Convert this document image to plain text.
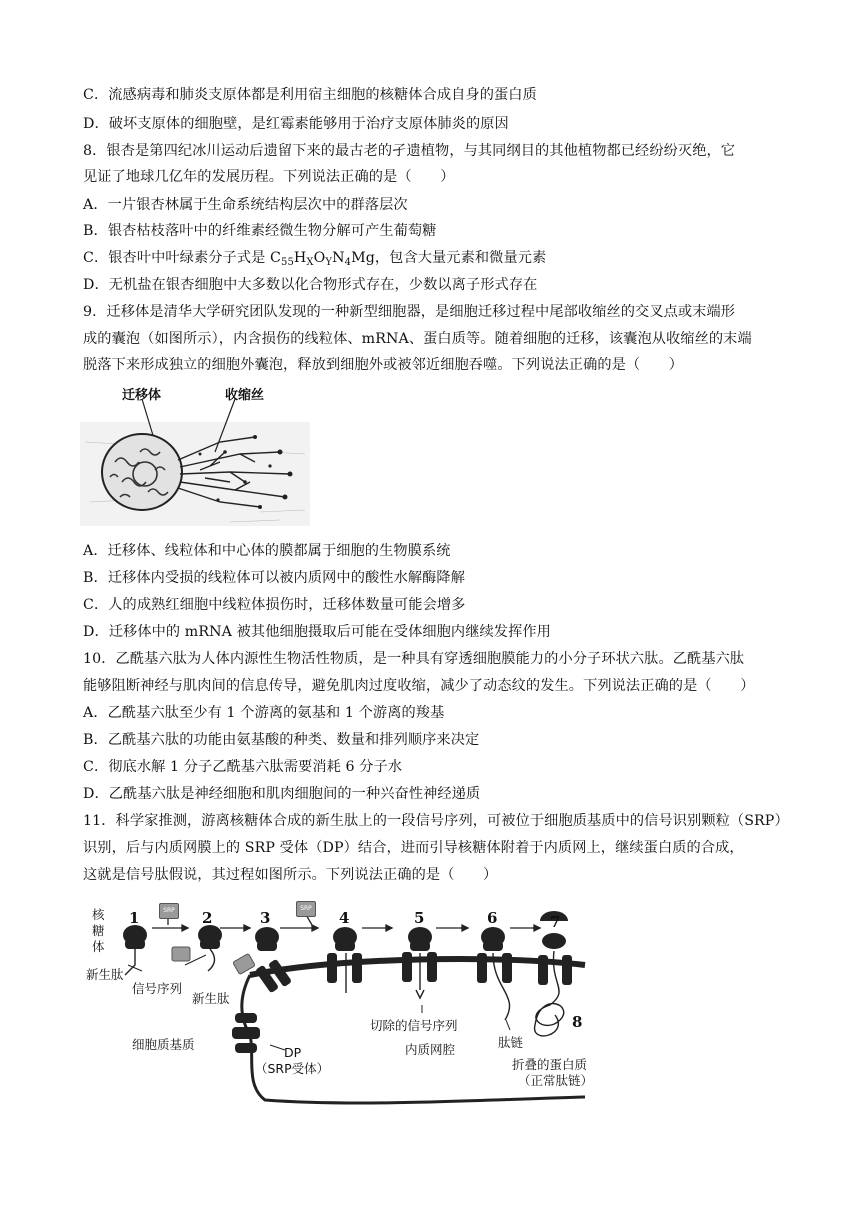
C．流感病毒和肺炎支原体都是利用宿主细胞的核糖体合成自身的蛋白质
D．破坏支原体的细胞壁，是红霉素能够用于治疗支原体肺炎的原因
8．银杏是第四纪冰川运动后遗留下来的最古老的孑遗植物，与其同纲目的其他植物都已经纷纷灭绝，它
见证了地球几亿年的发展历程。下列说法正确的是（　　）
A．一片银杏林属于生命系统结构层次中的群落层次
B．银杏枯枝落叶中的纤维素经微生物分解可产生葡萄糖
C．银杏叶中叶绿素分子式是 $C_{55}H_XO_YN_4Mg$，包含大量元素和微量元素
D．无机盐在银杏细胞中大多数以化合物形式存在，少数以离子形式存在
9．迁移体是清华大学研究团队发现的一种新型细胞器，是细胞迁移过程中尾部收缩丝的交叉点或末端形
成的囊泡（如图所示），内含损伤的线粒体、mRNA、蛋白质等。随着细胞的迁移，该囊泡从收缩丝的末端
脱落下来形成独立的细胞外囊泡，释放到细胞外或被邻近细胞吞噬。下列说法正确的是（　　）
迁移体	收缩丝
A．迁移体、线粒体和中心体的膜都属于细胞的生物膜系统
B．迁移体内受损的线粒体可以被内质网中的酸性水解酶降解
C．人的成熟红细胞中线粒体损伤时，迁移体数量可能会增多
D．迁移体中的 mRNA 被其他细胞摄取后可能在受体细胞内继续发挥作用
10．乙酰基六肽为人体内源性生物活性物质，是一种具有穿透细胞膜能力的小分子环状六肽。乙酰基六肽
能够阻断神经与肌肉间的信息传导，避免肌肉过度收缩，减少了动态纹的发生。下列说法正确的是（　　）
A．乙酰基六肽至少有 1 个游离的氨基和 1 个游离的羧基
B．乙酰基六肽的功能由氨基酸的种类、数量和排列顺序来决定
C．彻底水解 1 分子乙酰基六肽需要消耗 6 分子水
D．乙酰基六肽是神经细胞和肌肉细胞间的一种兴奋性神经递质
11．科学家推测，游离核糖体合成的新生肽上的一段信号序列，可被位于细胞质基质中的信号识别颗粒（SRP）
识别，后与内质网膜上的 SRP 受体（DP）结合，进而引导核糖体附着于内质网上，继续蛋白质的合成，
这就是信号肽假说，其过程如图所示。下列说法正确的是（　　）
1	2	3	4	5	6	7
8
SRP	SRP
核糖体
新生肽
信号序列
新生肽
细胞质基质
DP
（SRP受体）
内质网腔
切除的信号序列
肽链
折叠的蛋白质
（正常肽链）
